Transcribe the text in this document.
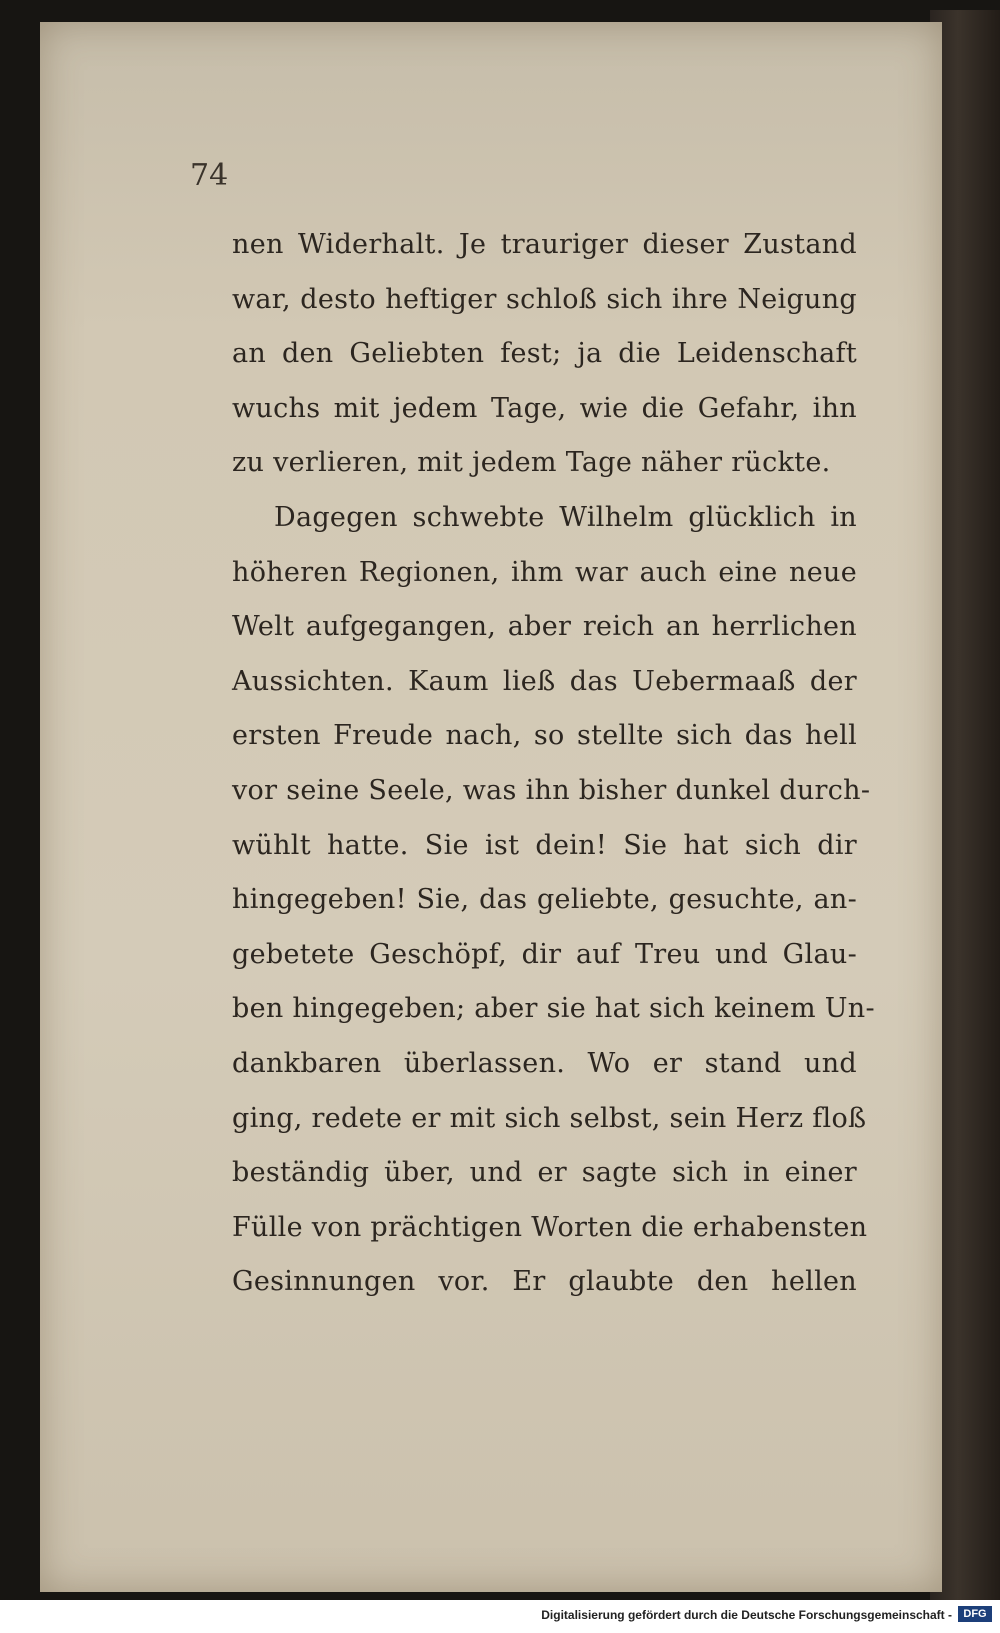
74
nen Widerhalt. Je trauriger dieser Zustand
war, desto heftiger schloß sich ihre Neigung
an den Geliebten fest; ja die Leidenschaft
wuchs mit jedem Tage, wie die Gefahr, ihn
zu verlieren, mit jedem Tage näher rückte.
Dagegen schwebte Wilhelm glücklich in
höheren Regionen, ihm war auch eine neue
Welt aufgegangen, aber reich an herrlichen
Aussichten. Kaum ließ das Uebermaaß der
ersten Freude nach, so stellte sich das hell
vor seine Seele, was ihn bisher dunkel durch-
wühlt hatte. Sie ist dein! Sie hat sich dir
hingegeben! Sie, das geliebte, gesuchte, an-
gebetete Geschöpf, dir auf Treu und Glau-
ben hingegeben; aber sie hat sich keinem Un-
dankbaren überlassen. Wo er stand und
ging, redete er mit sich selbst, sein Herz floß
beständig über, und er sagte sich in einer
Fülle von prächtigen Worten die erhabensten
Gesinnungen vor. Er glaubte den hellen
Digitalisierung gefördert durch die Deutsche Forschungsgemeinschaft -	DFG
